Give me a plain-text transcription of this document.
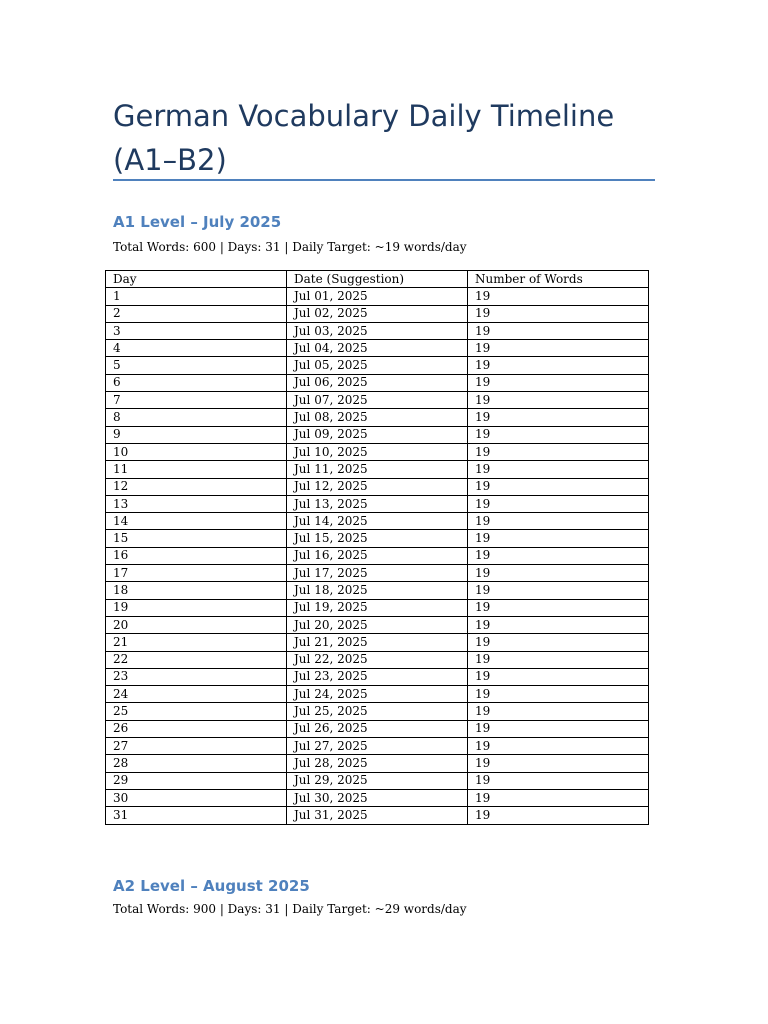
German Vocabulary Daily Timeline (A1–B2)
A1 Level – July 2025

Total Words: 600 | Days: 31 | Daily Target: ~19 words/day

Day	Date (Suggestion)	Number of Words
1	Jul 01, 2025	19
2	Jul 02, 2025	19
3	Jul 03, 2025	19
4	Jul 04, 2025	19
5	Jul 05, 2025	19
6	Jul 06, 2025	19
7	Jul 07, 2025	19
8	Jul 08, 2025	19
9	Jul 09, 2025	19
10	Jul 10, 2025	19
11	Jul 11, 2025	19
12	Jul 12, 2025	19
13	Jul 13, 2025	19
14	Jul 14, 2025	19
15	Jul 15, 2025	19
16	Jul 16, 2025	19
17	Jul 17, 2025	19
18	Jul 18, 2025	19
19	Jul 19, 2025	19
20	Jul 20, 2025	19
21	Jul 21, 2025	19
22	Jul 22, 2025	19
23	Jul 23, 2025	19
24	Jul 24, 2025	19
25	Jul 25, 2025	19
26	Jul 26, 2025	19
27	Jul 27, 2025	19
28	Jul 28, 2025	19
29	Jul 29, 2025	19
30	Jul 30, 2025	19
31	Jul 31, 2025	19
A2 Level – August 2025

Total Words: 900 | Days: 31 | Daily Target: ~29 words/day
